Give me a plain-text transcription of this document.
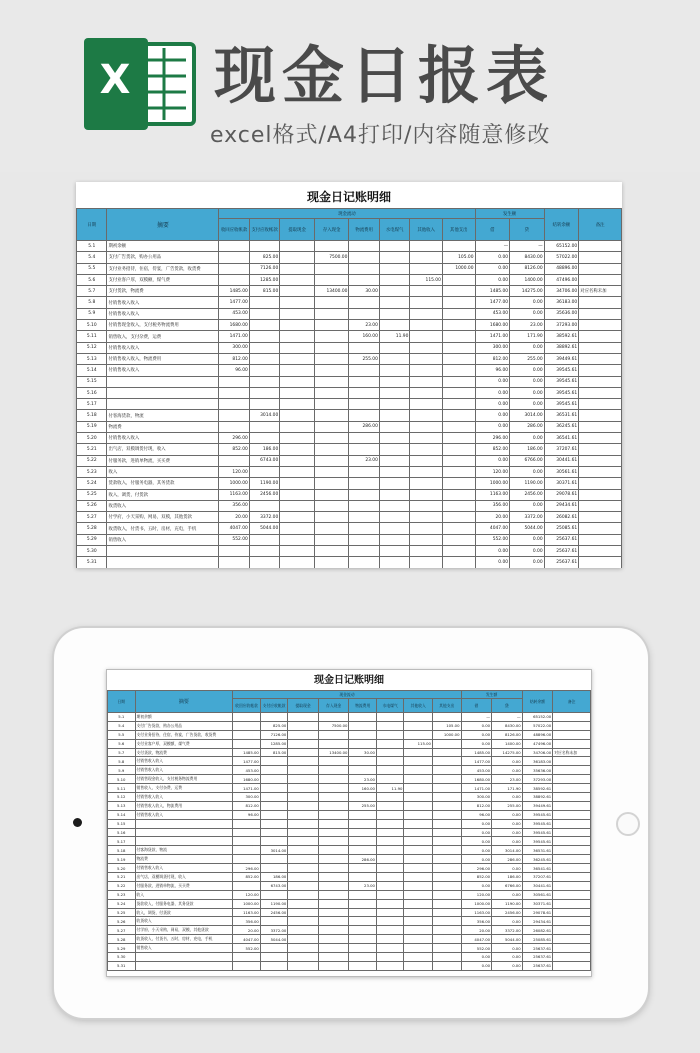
X 现金日报表
excel格式/A4打印/内容随意修改
现金日记账明细
日期	摘要	现金流动								发生额		结转余额	备注
		收回应收帐款	支付应收帐款	提取现金	存入现金	物流费用	水电煤气	其他收入	其他支出	借	贷		
5.1	期初余额									—	—	65152.00	
5.4	支付广告货款，购办公用品		825.00		7500.00				105.00	0.00	8430.00	57022.00	
5.5	支付业务招待，住宿，侍宴，广告货款，收货费		7126.00						1000.00	0.00	8126.00	48896.00	
5.6	支付业客户厚，双模额，煤气费		1285.00					115.00		0.00	1400.00	47496.00	
5.7	支付货款，物流费	1485.00	815.00		13400.00	30.00				1485.00	14275.00	34706.00	对应名称未加
5.8	付销售收入收入	1477.00								1477.00	0.00	36183.00	
5.9	付销售收入收入	453.00								453.00	0.00	35636.00	
5.10	付销售现金收入，支付税务物流费用	1680.00				23.00				1680.00	23.00	37293.00	
5.11	销售收入，支付杂费，运费	1471.00				160.00	11.90			1471.00	171.90	38592.61	
5.12	付销售收入收入	300.00								300.00	0.00	38892.61	
5.13	付销售收入收入，物流费用	812.00				255.00				812.00	255.00	39449.61	
5.14	付销售收入收入	96.00								96.00	0.00	39545.61	
5.15										0.00	0.00	39545.61	
5.16										0.00	0.00	39545.61	
5.17										0.00	0.00	39545.61	
5.18	付客海货款，物流		3014.00							0.00	3014.00	36531.61	
5.19	物流费					286.00				0.00	286.00	36245.61	
5.20	付销售收入收入	296.00								296.00	0.00	36541.61	
5.21	出气店，双模调货付现，收入	852.00	186.00							852.00	186.00	37207.61	
5.22	付服务款，进销单物流，买买费		6743.00			23.00				0.00	6766.00	30441.61	
5.23	收入	120.00								120.00	0.00	30561.61	
5.24	货款收入，付服务电器，其务货款	1000.00	1190.00							1000.00	1190.00	30371.61	
5.25	收入，调货，付货款	1163.00	2456.00							1163.00	2456.00	29078.61	
5.26	收货收入	356.00								356.00	0.00	29434.61	
5.27	付学府，小天采购，网易，双模，其他货款	20.00	3372.00							20.00	3372.00	26082.61	
5.28	收货收入，付货书，五时，房材，充电，手机	4047.00	5044.00							4047.00	5044.00	25085.61	
5.29	销售收入	552.00								552.00	0.00	25637.61	
5.30										0.00	0.00	25637.61	
5.31										0.00	0.00	25637.61	
现金日记账明细
日期	摘要	现金流动								发生额		结转余额	备注
		收回应收帐款	支付应收帐款	提取现金	存入现金	物流费用	水电煤气	其他收入	其他支出	借	贷		
5.1	期初余额									—	—	65152.00	
5.4	支付广告货款，购办公用品		825.00		7500.00				105.00	0.00	8430.00	57022.00	
5.5	支付业务招待，住宿，侍宴，广告货款，收货费		7126.00						1000.00	0.00	8126.00	48896.00	
5.6	支付业客户厚，双模额，煤气费		1285.00					115.00		0.00	1400.00	47496.00	
5.7	支付货款，物流费	1485.00	815.00		13400.00	30.00				1485.00	14275.00	34706.00	对应名称未加
5.8	付销售收入收入	1477.00								1477.00	0.00	36183.00	
5.9	付销售收入收入	453.00								453.00	0.00	35636.00	
5.10	付销售现金收入，支付税务物流费用	1680.00				23.00				1680.00	23.00	37293.00	
5.11	销售收入，支付杂费，运费	1471.00				160.00	11.90			1471.00	171.90	38592.61	
5.12	付销售收入收入	300.00								300.00	0.00	38892.61	
5.13	付销售收入收入，物流费用	812.00				255.00				812.00	255.00	39449.61	
5.14	付销售收入收入	96.00								96.00	0.00	39545.61	
5.15										0.00	0.00	39545.61	
5.16										0.00	0.00	39545.61	
5.17										0.00	0.00	39545.61	
5.18	付客海货款，物流		3014.00							0.00	3014.00	36531.61	
5.19	物流费					286.00				0.00	286.00	36245.61	
5.20	付销售收入收入	296.00								296.00	0.00	36541.61	
5.21	出气店，双模调货付现，收入	852.00	186.00							852.00	186.00	37207.61	
5.22	付服务款，进销单物流，买买费		6743.00			23.00				0.00	6766.00	30441.61	
5.23	收入	120.00								120.00	0.00	30561.61	
5.24	货款收入，付服务电器，其务货款	1000.00	1190.00							1000.00	1190.00	30371.61	
5.25	收入，调货，付货款	1163.00	2456.00							1163.00	2456.00	29078.61	
5.26	收货收入	356.00								356.00	0.00	29434.61	
5.27	付学府，小天采购，网易，双模，其他货款	20.00	3372.00							20.00	3372.00	26082.61	
5.28	收货收入，付货书，五时，房材，充电，手机	4047.00	5044.00							4047.00	5044.00	25085.61	
5.29	销售收入	552.00								552.00	0.00	25637.61	
5.30										0.00	0.00	25637.61	
5.31										0.00	0.00	25637.61	
